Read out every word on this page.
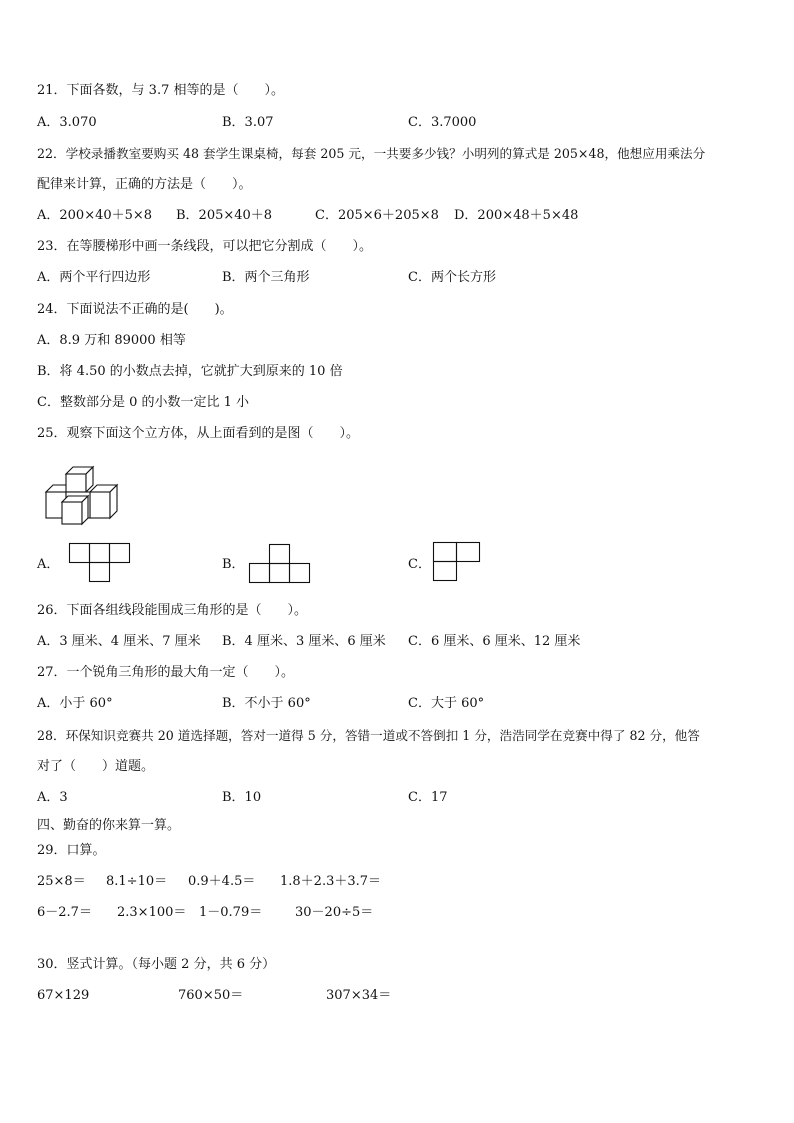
21．下面各数，与 3.7 相等的是（　　）。
A．3.070	B．3.07	C．3.7000
22．学校录播教室要购买 48 套学生课桌椅，每套 205 元，一共要多少钱？小明列的算式是 205×48，他想应用乘法分
配律来计算，正确的方法是（　　）。
A．200×40＋5×8 B．205×40＋8	C．205×6＋205×8 D．200×48＋5×48
23．在等腰梯形中画一条线段，可以把它分割成（　　）。
A．两个平行四边形	B．两个三角形	C．两个长方形
24．下面说法不正确的是(　　)。
A．8.9 万和 89000 相等
B．将 4.50 的小数点去掉，它就扩大到原来的 10 倍
C．整数部分是 0 的小数一定比 1 小
25．观察下面这个立方体，从上面看到的是图（　　）。
A．	B．	C．
26．下面各组线段能围成三角形的是（　　）。
A．3 厘米、4 厘米、7 厘米 B．4 厘米、3 厘米、6 厘米 C．6 厘米、6 厘米、12 厘米
27．一个锐角三角形的最大角一定（　　）。
A．小于 60°	B．不小于 60°	C．大于 60°
28．环保知识竞赛共 20 道选择题，答对一道得 5 分，答错一道或不答倒扣 1 分，浩浩同学在竞赛中得了 82 分，他答
对了（　　）道题。
A．3	B．10	C．17
四、勤奋的你来算一算。
29．口算。
25×8＝ 8.1÷10＝ 0.9＋4.5＝ 1.8＋2.3＋3.7＝
6－2.7＝ 2.3×100＝ 1－0.79＝	30－20÷5＝
30．竖式计算。（每小题 2 分，共 6 分）
67×129	760×50＝	307×34＝
